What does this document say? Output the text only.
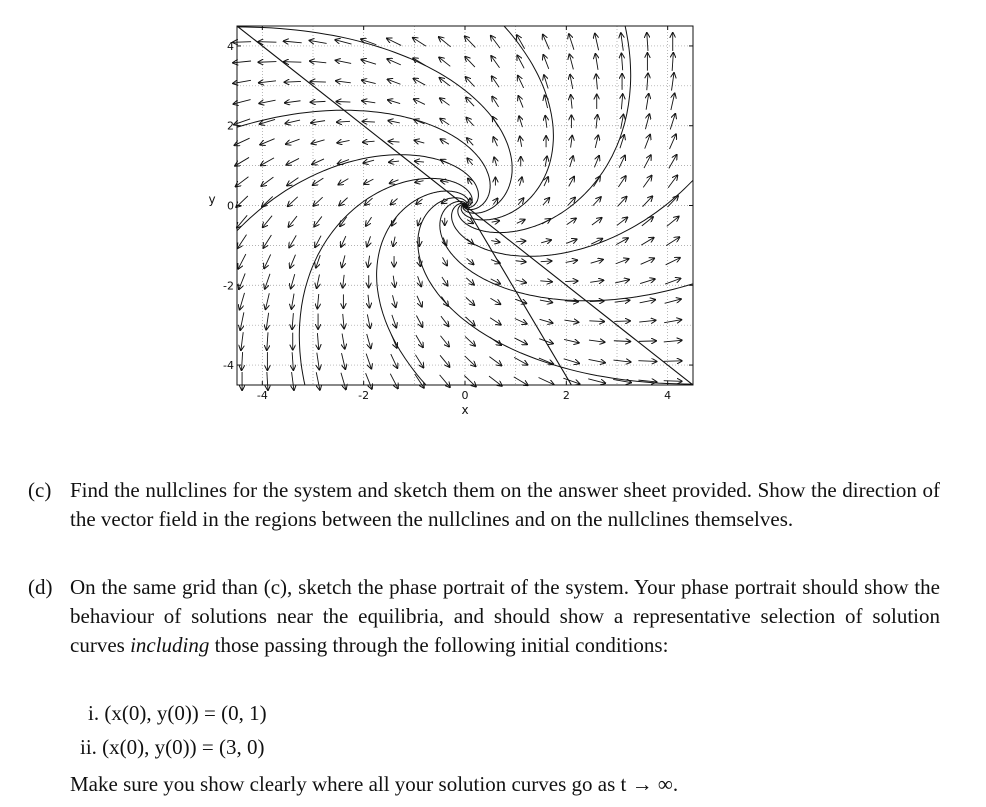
-4	-2	0	2	4
4
2
0
-2
-4
x
y
(c) Find the nullclines for the system and sketch them on the answer sheet provided. Show the direction of the vector field in the regions between the nullclines and on the nullclines themselves.
(d) On the same grid than (c), sketch the phase portrait of the system. Your phase portrait should show the behaviour of solutions near the equilibria, and should show a representative selection of solution curves including those passing through the following initial conditions:
i. (x(0), y(0)) = (0, 1)
ii. (x(0), y(0)) = (3, 0)
Make sure you show clearly where all your solution curves go as t → ∞.
